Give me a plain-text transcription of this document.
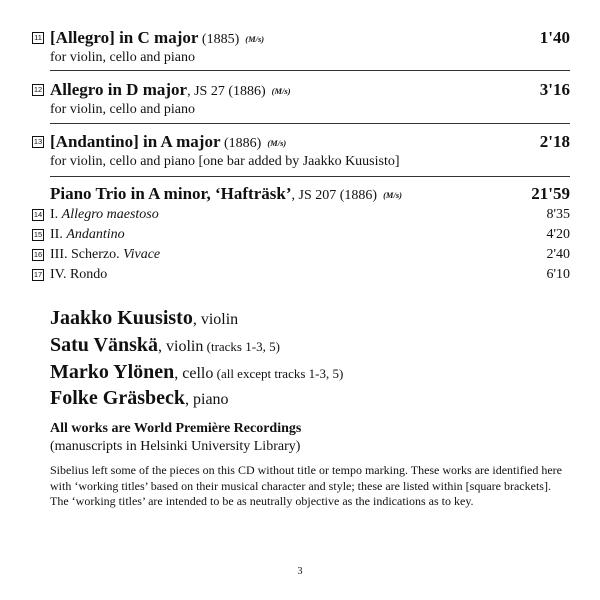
11 [Allegro] in C major (1885) (M/s)	1'40
for violin, cello and piano
12 Allegro in D major, JS 27 (1886) (M/s)	3'16
for violin, cello and piano
13 [Andantino] in A major (1886) (M/s)	2'18
for violin, cello and piano [one bar added by Jaakko Kuusisto]
Piano Trio in A minor, ‘Hafträsk’, JS 207 (1886) (M/s)	21'59
14 I. Allegro maestoso	8'35
15 II. Andantino	4'20
16 III. Scherzo. Vivace	2'40
17 IV. Rondo	6'10
Jaakko Kuusisto, violin
Satu Vänskä, violin (tracks 1-3, 5)
Marko Ylönen, cello (all except tracks 1-3, 5)
Folke Gräsbeck, piano
All works are World Première Recordings
(manuscripts in Helsinki University Library)

Sibelius left some of the pieces on this CD without title or tempo marking. These works are identified here with ‘working titles’ based on their musical character and style; these are listed within [square brackets]. The ‘working titles’ are intended to be as neutrally objective as the indications as to key.

3
